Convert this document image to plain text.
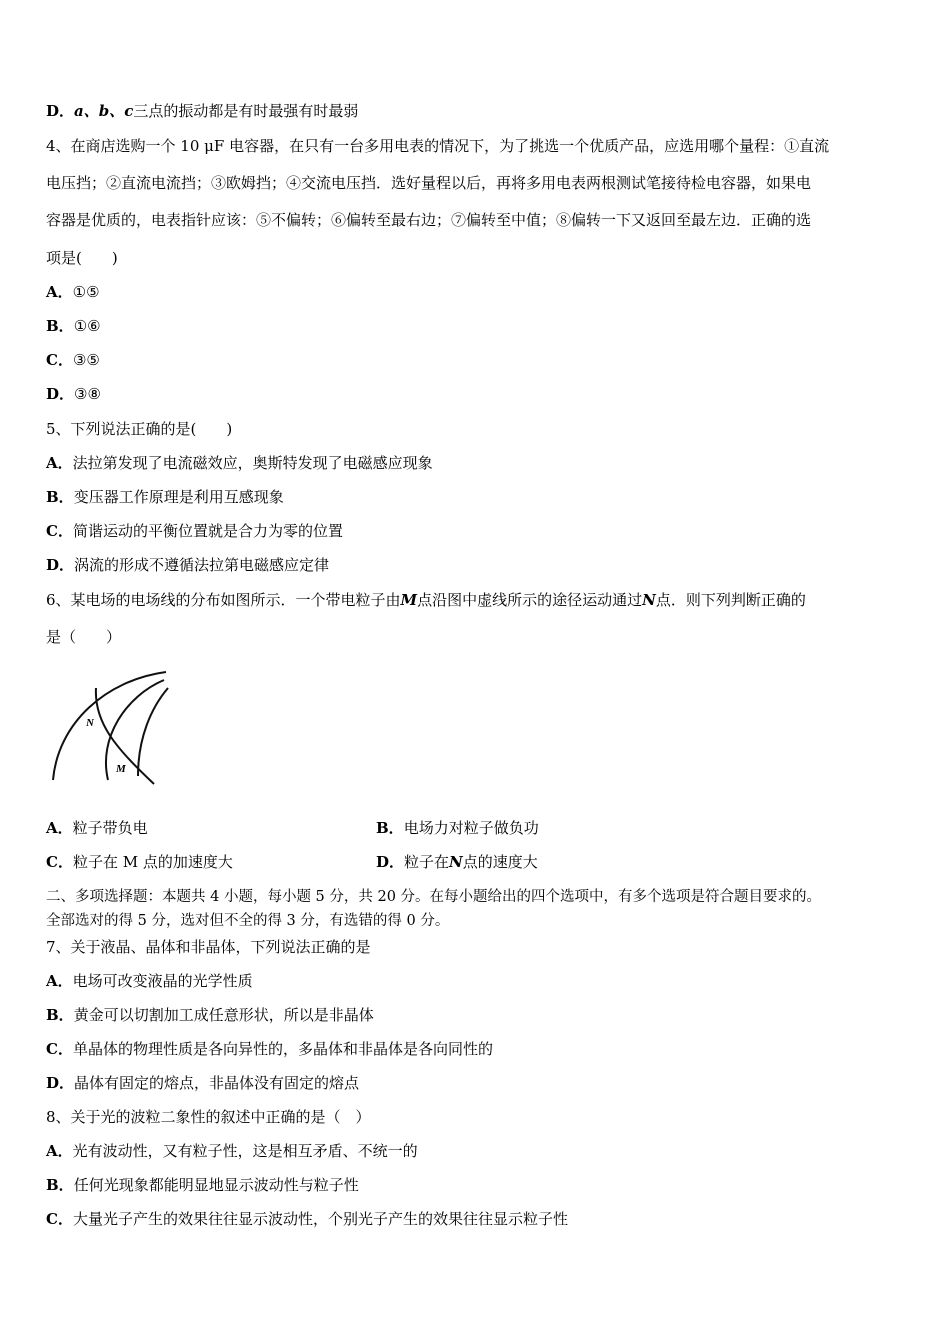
D．a、b、c三点的振动都是有时最强有时最弱
4、在商店选购一个 10 μF 电容器，在只有一台多用电表的情况下，为了挑选一个优质产品，应选用哪个量程：①直流
电压挡；②直流电流挡；③欧姆挡；④交流电压挡．选好量程以后，再将多用电表两根测试笔接待检电容器，如果电
容器是优质的，电表指针应该：⑤不偏转；⑥偏转至最右边；⑦偏转至中值；⑧偏转一下又返回至最左边．正确的选
项是(　　)
A．①⑤
B．①⑥
C．③⑤
D．③⑧
5、下列说法正确的是(　　)
A．法拉第发现了电流磁效应，奥斯特发现了电磁感应现象
B．变压器工作原理是利用互感现象
C．简谐运动的平衡位置就是合力为零的位置
D．涡流的形成不遵循法拉第电磁感应定律
6、某电场的电场线的分布如图所示．一个带电粒子由M点沿图中虚线所示的途径运动通过N点．则下列判断正确的
是（　　）
N
M
A．粒子带负电	B．电场力对粒子做负功
C．粒子在 M 点的加速度大	D．粒子在N点的速度大
二、多项选择题：本题共 4 小题，每小题 5 分，共 20 分。在每小题给出的四个选项中，有多个选项是符合题目要求的。
全部选对的得 5 分，选对但不全的得 3 分，有选错的得 0 分。
7、关于液晶、晶体和非晶体，下列说法正确的是
A．电场可改变液晶的光学性质
B．黄金可以切割加工成任意形状，所以是非晶体
C．单晶体的物理性质是各向异性的，多晶体和非晶体是各向同性的
D．晶体有固定的熔点，非晶体没有固定的熔点
8、关于光的波粒二象性的叙述中正确的是（　）
A．光有波动性，又有粒子性，这是相互矛盾、不统一的
B．任何光现象都能明显地显示波动性与粒子性
C．大量光子产生的效果往往显示波动性，个别光子产生的效果往往显示粒子性
